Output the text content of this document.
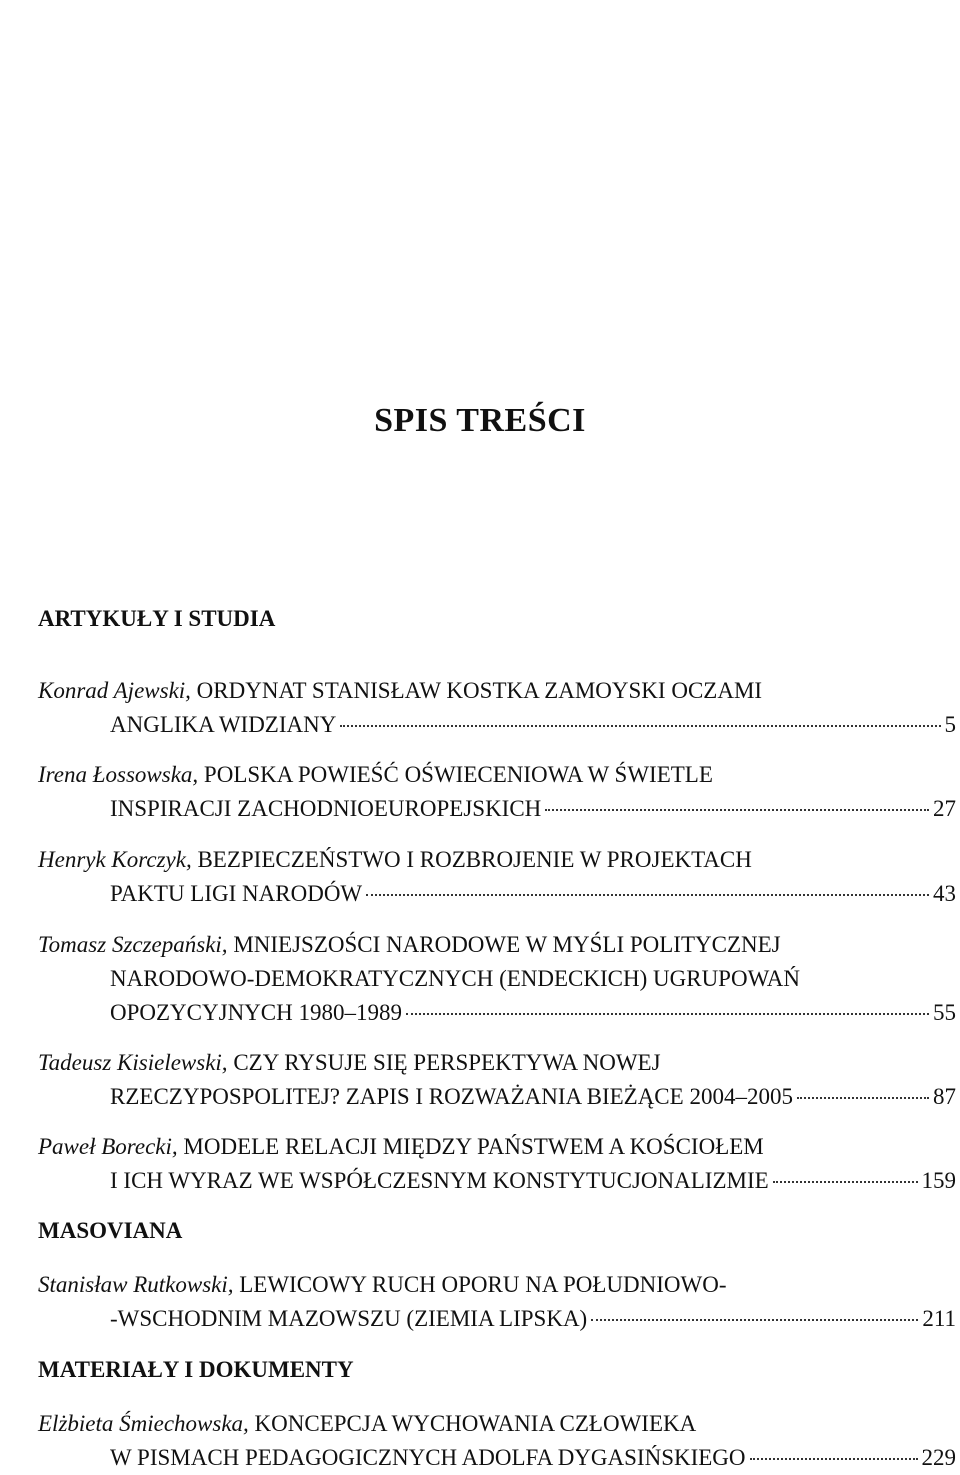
SPIS TREŚCI
ARTYKUŁY I STUDIA
Konrad Ajewski, ORDYNAT STANISŁAW KOSTKA ZAMOYSKI OCZAMI
ANGLIKA WIDZIANY	5
Irena Łossowska, POLSKA POWIEŚĆ OŚWIECENIOWA W ŚWIETLE
INSPIRACJI ZACHODNIOEUROPEJSKICH	27
Henryk Korczyk, BEZPIECZEŃSTWO I ROZBROJENIE W PROJEKTACH
PAKTU LIGI NARODÓW	43
Tomasz Szczepański, MNIEJSZOŚCI NARODOWE W MYŚLI POLITYCZNEJ
NARODOWO-DEMOKRATYCZNYCH (ENDECKICH) UGRUPOWAŃ
OPOZYCYJNYCH 1980–1989	55
Tadeusz Kisielewski, CZY RYSUJE SIĘ PERSPEKTYWA NOWEJ
RZECZYPOSPOLITEJ? ZAPIS I ROZWAŻANIA BIEŻĄCE 2004–2005	87
Paweł Borecki, MODELE RELACJI MIĘDZY PAŃSTWEM A KOŚCIOŁEM
I ICH WYRAZ WE WSPÓŁCZESNYM KONSTYTUCJONALIZMIE	159
MASOVIANA
Stanisław Rutkowski, LEWICOWY RUCH OPORU NA POŁUDNIOWO-
-WSCHODNIM MAZOWSZU (ZIEMIA LIPSKA)	211
MATERIAŁY I DOKUMENTY
Elżbieta Śmiechowska, KONCEPCJA WYCHOWANIA CZŁOWIEKA
W PISMACH PEDAGOGICZNYCH ADOLFA DYGASIŃSKIEGO	229
